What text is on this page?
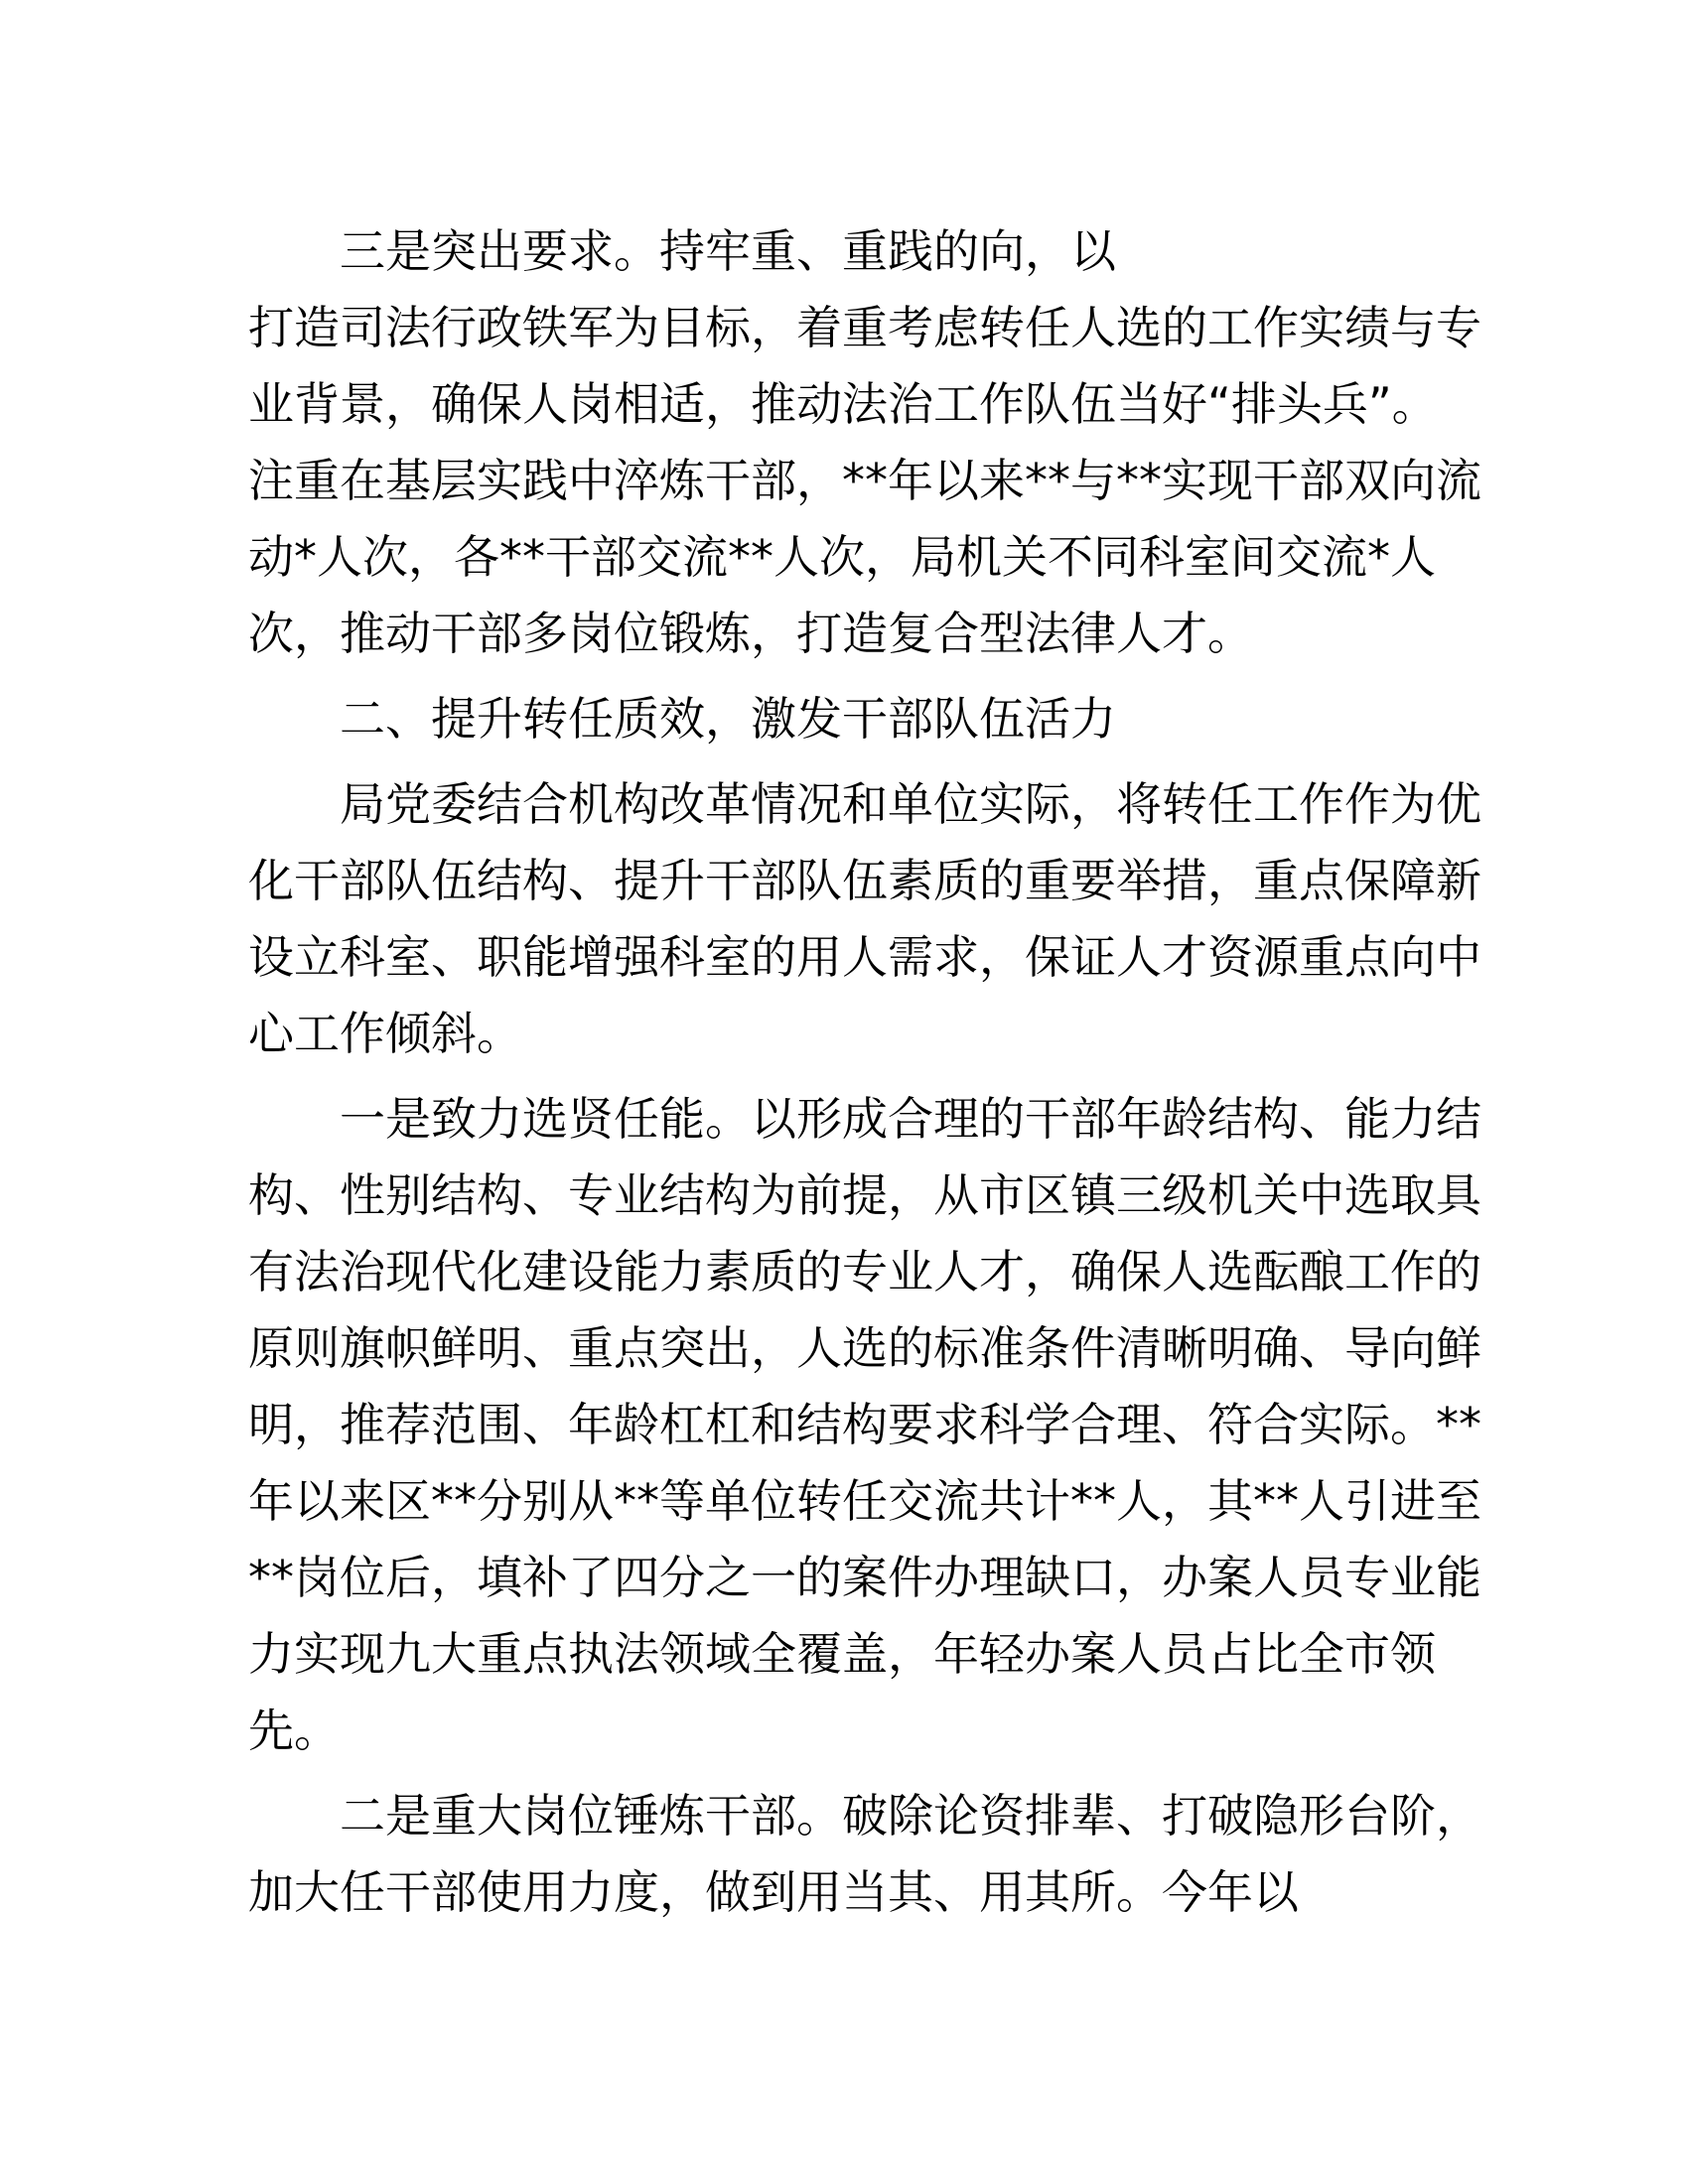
三是突出要求。持牢重、重践的向，以
打造司法行政铁军为目标，着重考虑转任人选的工作实绩与专
业背景，确保人岗相适，推动法治工作队伍当好“排头兵”。
注重在基层实践中淬炼干部，**年以来**与**实现干部双向流
动*人次，各**干部交流**人次，局机关不同科室间交流*人
次，推动干部多岗位锻炼，打造复合型法律人才。

二、提升转任质效，激发干部队伍活力

局党委结合机构改革情况和单位实际，将转任工作作为优
化干部队伍结构、提升干部队伍素质的重要举措，重点保障新
设立科室、职能增强科室的用人需求，保证人才资源重点向中
心工作倾斜。

一是致力选贤任能。以形成合理的干部年龄结构、能力结
构、性别结构、专业结构为前提，从市区镇三级机关中选取具
有法治现代化建设能力素质的专业人才，确保人选酝酿工作的
原则旗帜鲜明、重点突出，人选的标准条件清晰明确、导向鲜
明，推荐范围、年龄杠杠和结构要求科学合理、符合实际。**
年以来区**分别从**等单位转任交流共计**人，其**人引进至
**岗位后，填补了四分之一的案件办理缺口，办案人员专业能
力实现九大重点执法领域全覆盖，年轻办案人员占比全市领
先。

二是重大岗位锤炼干部。破除论资排辈、打破隐形台阶，
加大任干部使用力度，做到用当其、用其所。今年以
